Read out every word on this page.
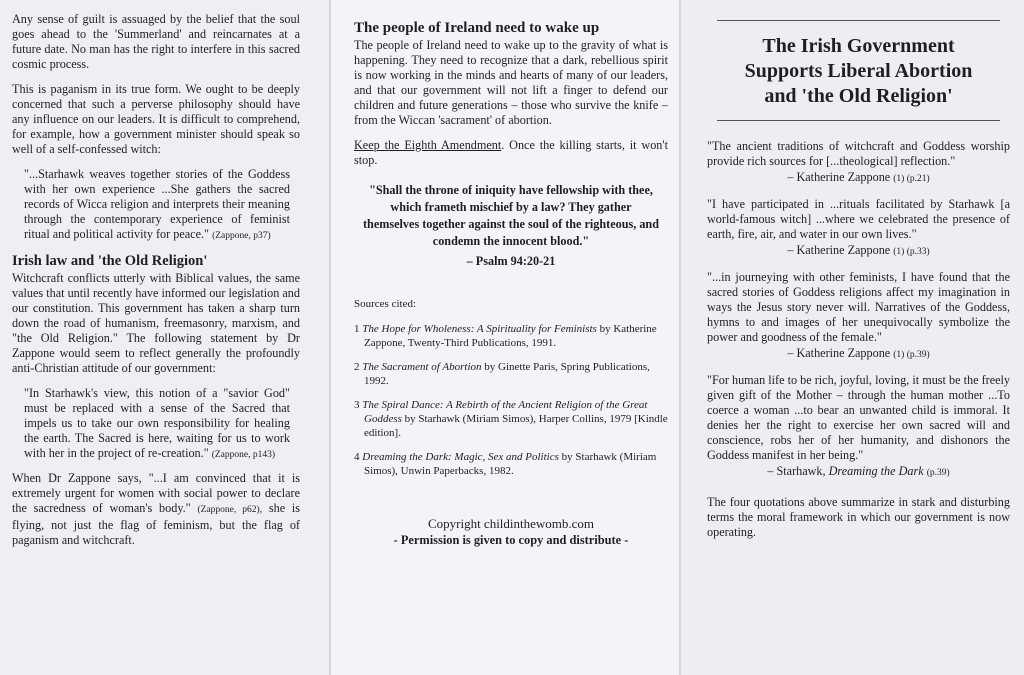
Any sense of guilt is assuaged by the belief that the soul goes ahead to the 'Summerland' and reincarnates at a future date. No man has the right to interfere in this sacred cosmic process.

This is paganism in its true form. We ought to be deeply concerned that such a perverse philosophy should have any influence on our leaders. It is difficult to comprehend, for example, how a government minister should speak so well of a self-confessed witch:

"...Starhawk weaves together stories of the Goddess with her own experience ...She gathers the sacred records of Wicca religion and interprets their meaning through the contemporary experience of feminist ritual and political activity for peace." (Zappone, p37)

Irish law and 'the Old Religion'

Witchcraft conflicts utterly with Biblical values, the same values that until recently have informed our legislation and our constitution. This government has taken a sharp turn down the road of humanism, freemasonry, marxism, and "the Old Religion." The following statement by Dr Zappone would seem to reflect generally the profoundly anti-Christian attitude of our government:

"In Starhawk's view, this notion of a "savior God" must be replaced with a sense of the Sacred that impels us to take our own responsibility for healing the earth. The Sacred is here, waiting for us to work with her in the project of re-creation." (Zappone, p143)

When Dr Zappone says, "...I am convinced that it is extremely urgent for women with social power to declare the sacredness of woman's body." (Zappone, p62), she is flying, not just the flag of feminism, but the flag of paganism and witchcraft.

The people of Ireland need to wake up

The people of Ireland need to wake up to the gravity of what is happening. They need to recognize that a dark, rebellious spirit is now working in the minds and hearts of many of our leaders, and that our government will not lift a finger to defend our children and future generations – those who survive the knife – from the Wiccan 'sacrament' of abortion.

Keep the Eighth Amendment. Once the killing starts, it won't stop.

"Shall the throne of iniquity have fellowship with thee, which frameth mischief by a law? They gather themselves together against the soul of the righteous, and condemn the innocent blood."

– Psalm 94:20-21

Sources cited:

1 The Hope for Wholeness: A Spirituality for Feminists by Katherine Zappone, Twenty-Third Publications, 1991.

2 The Sacrament of Abortion by Ginette Paris, Spring Publications, 1992.

3 The Spiral Dance: A Rebirth of the Ancient Religion of the Great Goddess by Starhawk (Miriam Simos), Harper Collins, 1979 [Kindle edition].

4 Dreaming the Dark: Magic, Sex and Politics by Starhawk (Miriam Simos), Unwin Paperbacks, 1982.

Copyright childinthewomb.com

- Permission is given to copy and distribute -

The Irish Government
Supports Liberal Abortion
and 'the Old Religion'

"The ancient traditions of witchcraft and Goddess worship provide rich sources for [...theological] reflection."

– Katherine Zappone (1) (p.21)

"I have participated in ...rituals facilitated by Starhawk [a world-famous witch] ...where we celebrated the presence of earth, fire, air, and water in our own lives."

– Katherine Zappone (1) (p.33)

"...in journeying with other feminists, I have found that the sacred stories of Goddess religions affect my imagination in ways the Jesus story never will. Narratives of the Goddess, hymns to and images of her unequivocally symbolize the power and goodness of the female."

– Katherine Zappone (1) (p.39)

"For human life to be rich, joyful, loving, it must be the freely given gift of the Mother – through the human mother ...To coerce a woman ...to bear an unwanted child is immoral. It denies her the right to exercise her own sacred will and conscience, robs her of her humanity, and dishonors the Goddess manifest in her being."

– Starhawk, Dreaming the Dark (p.39)

The four quotations above summarize in stark and disturbing terms the moral framework in which our government is now operating.
